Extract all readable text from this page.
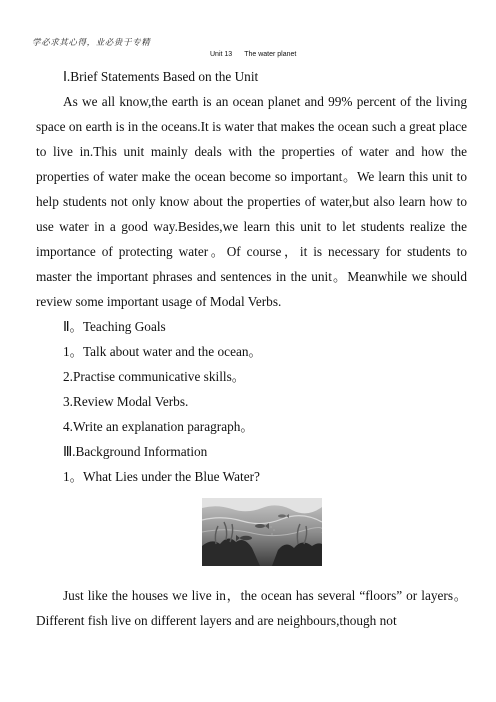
学必求其心得，业必贵于专精
Unit 13 The water planet

Ⅰ.Brief Statements Based on the Unit

As we all know,the earth is an ocean planet and 99% percent of the living space on earth is in the oceans.It is water that makes the ocean such a great place to live in.This unit mainly deals with the properties of water and how the properties of water make the ocean become so important。We learn this unit to help students not only know about the properties of water,but also learn how to use water in a good way.Besides,we learn this unit to let students realize the importance of protecting water。Of course，it is necessary for students to master the important phrases and sentences in the unit。Meanwhile we should review some important usage of Modal Verbs.

Ⅱ。Teaching Goals

1。Talk about water and the ocean。

2.Practise communicative skills。

3.Review Modal Verbs.

4.Write an explanation paragraph。

Ⅲ.Background Information

1。What Lies under the Blue Water?

Just like the houses we live in，the ocean has several “floors” or layers。Different fish live on different layers and are neighbours,though not
